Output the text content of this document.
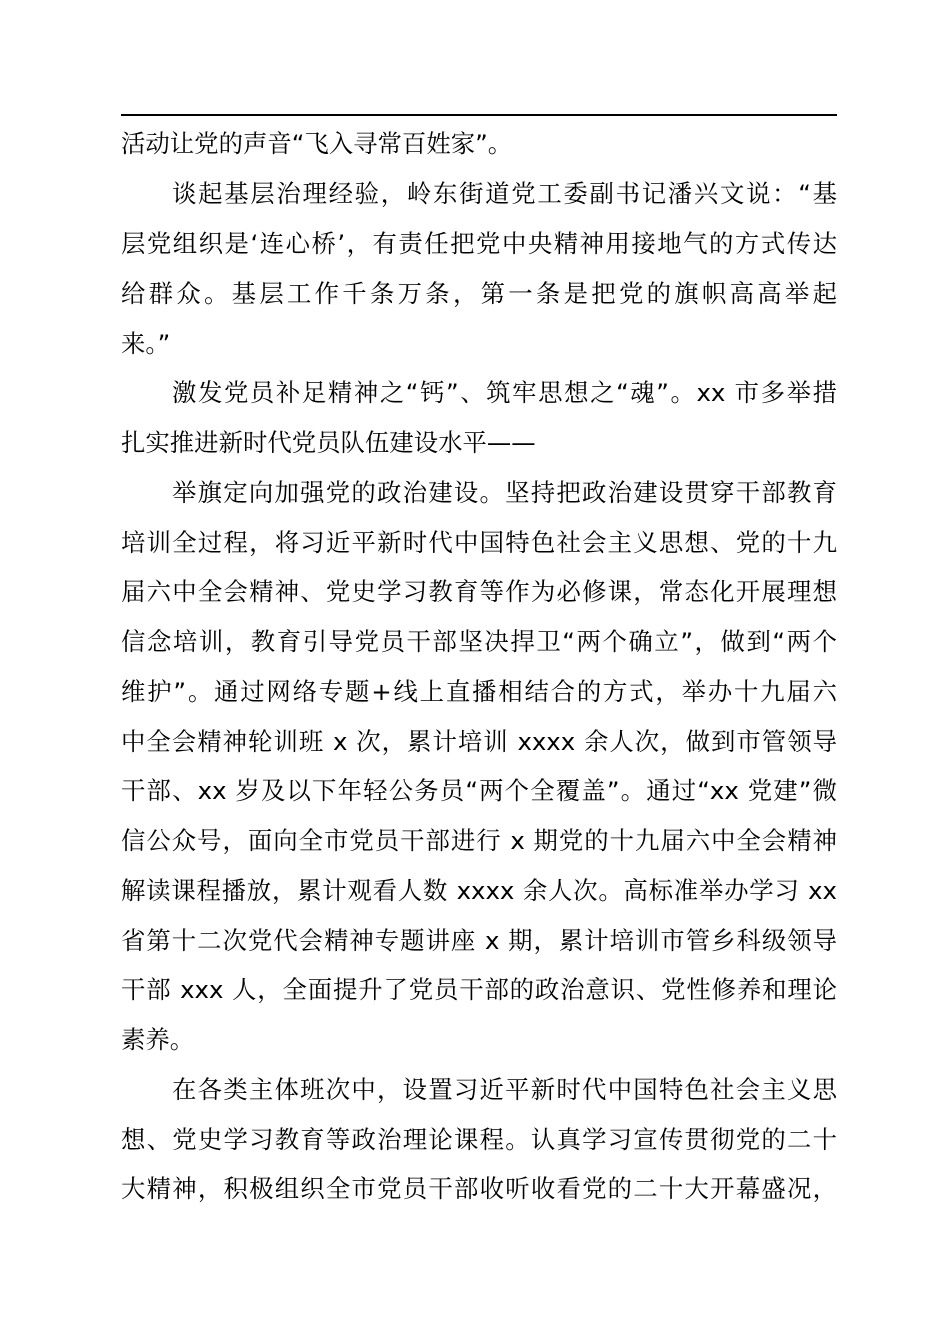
活动让党的声音“飞入寻常百姓家”。
谈起基层治理经验，岭东街道党工委副书记潘兴文说：“基
层党组织是‘连心桥’，有责任把党中央精神用接地气的方式传达
给群众。基层工作千条万条，第一条是把党的旗帜高高举起
来。”
激发党员补足精神之“钙”、筑牢思想之“魂”。xx 市多举措
扎实推进新时代党员队伍建设水平——
举旗定向加强党的政治建设。坚持把政治建设贯穿干部教育
培训全过程，将习近平新时代中国特色社会主义思想、党的十九
届六中全会精神、党史学习教育等作为必修课，常态化开展理想
信念培训，教育引导党员干部坚决捍卫“两个确立”，做到“两个
维护”。通过网络专题+线上直播相结合的方式，举办十九届六
中全会精神轮训班 x 次，累计培训 xxxx 余人次，做到市管领导
干部、xx 岁及以下年轻公务员“两个全覆盖”。通过“xx 党建”微
信公众号，面向全市党员干部进行 x 期党的十九届六中全会精神
解读课程播放，累计观看人数 xxxx 余人次。高标准举办学习 xx
省第十二次党代会精神专题讲座 x 期，累计培训市管乡科级领导
干部 xxx 人，全面提升了党员干部的政治意识、党性修养和理论
素养。
在各类主体班次中，设置习近平新时代中国特色社会主义思
想、党史学习教育等政治理论课程。认真学习宣传贯彻党的二十
大精神，积极组织全市党员干部收听收看党的二十大开幕盛况，
